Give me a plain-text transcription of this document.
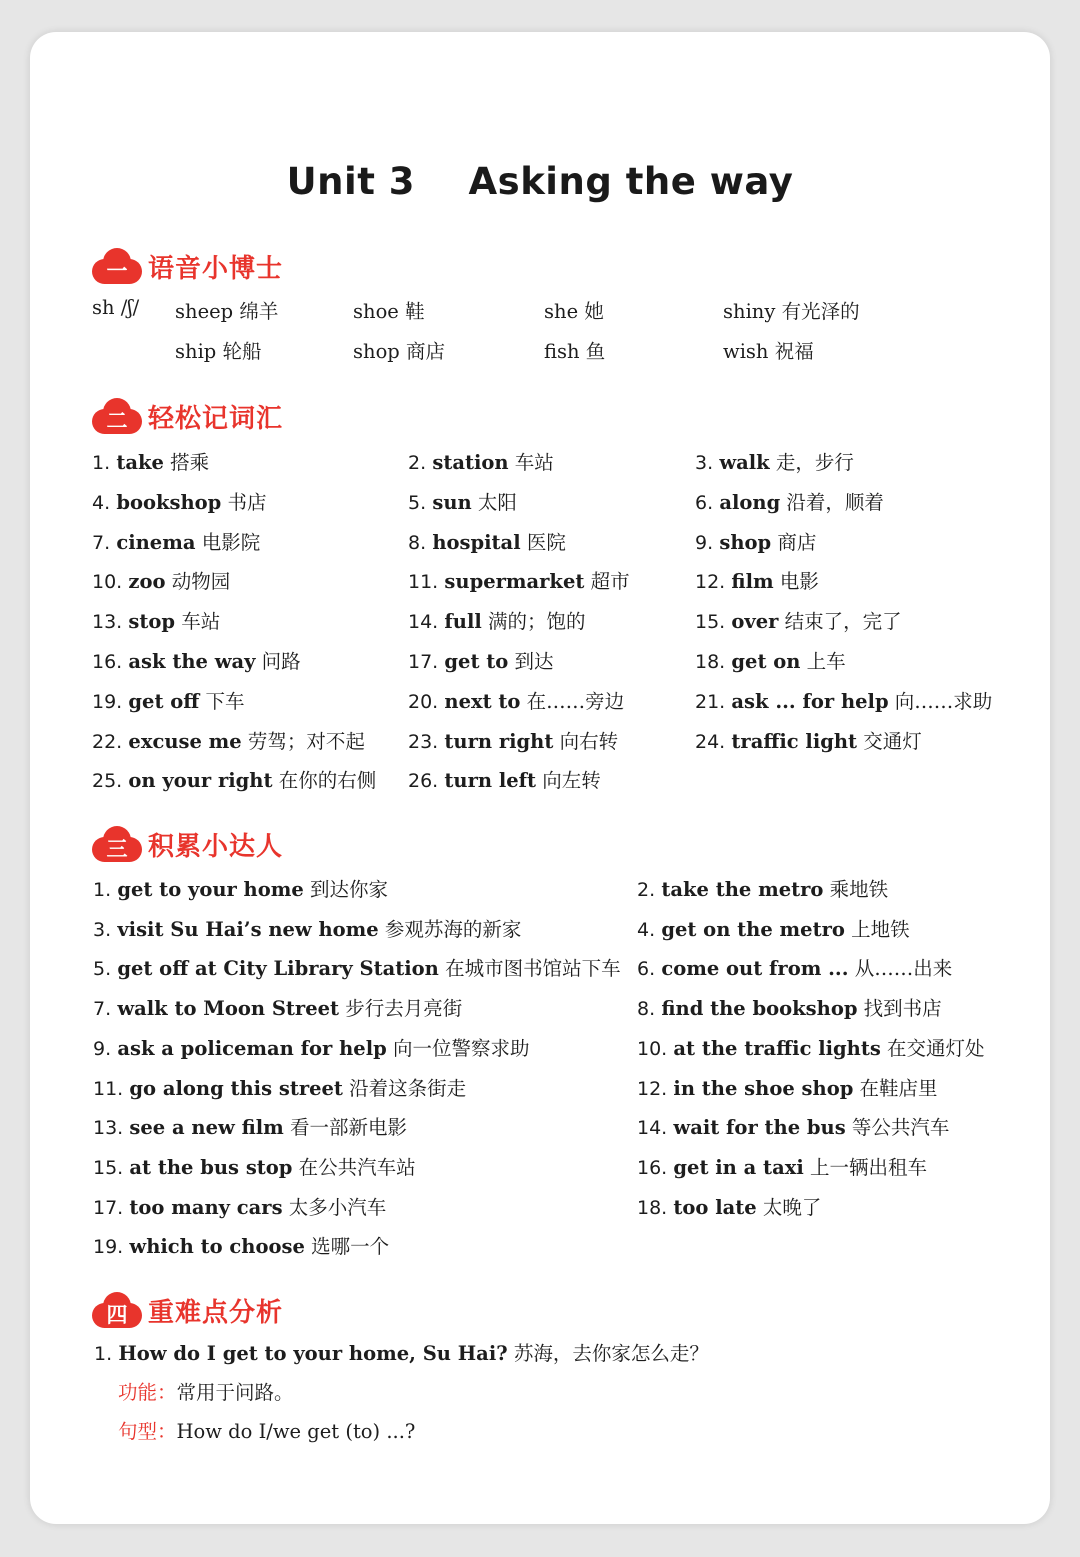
Unit 3    Asking the way
一 语音小博士
sh /ʃ/ sheep 绵羊	shoe 鞋	she 她	shiny 有光泽的
ship 轮船	shop 商店	fish 鱼	wish 祝福
二 轻松记词汇
1. take 搭乘	2. station 车站	3. walk 走，步行
4. bookshop 书店	5. sun 太阳	6. along 沿着，顺着
7. cinema 电影院	8. hospital 医院	9. shop 商店
10. zoo 动物园	11. supermarket 超市	12. film 电影
13. stop 车站	14. full 满的；饱的	15. over 结束了，完了
16. ask the way 问路	17. get to 到达	18. get on 上车
19. get off 下车	20. next to 在……旁边	21. ask ... for help 向……求助
22. excuse me 劳驾；对不起 23. turn right 向右转	24. traffic light 交通灯
25. on your right 在你的右侧 26. turn left 向左转
三 积累小达人
1. get to your home 到达你家	2. take the metro 乘地铁
3. visit Su Hai’s new home 参观苏海的新家	4. get on the metro 上地铁
5. get off at City Library Station 在城市图书馆站下车 6. come out from ... 从……出来
7. walk to Moon Street 步行去月亮街	8. find the bookshop 找到书店
9. ask a policeman for help 向一位警察求助	10. at the traffic lights 在交通灯处
11. go along this street 沿着这条街走	12. in the shoe shop 在鞋店里
13. see a new film 看一部新电影	14. wait for the bus 等公共汽车
15. at the bus stop 在公共汽车站	16. get in a taxi 上一辆出租车
17. too many cars 太多小汽车	18. too late 太晚了
19. which to choose 选哪一个
四 重难点分析
1. How do I get to your home, Su Hai? 苏海，去你家怎么走？
功能：常用于问路。
句型：How do I/we get (to) ...?
